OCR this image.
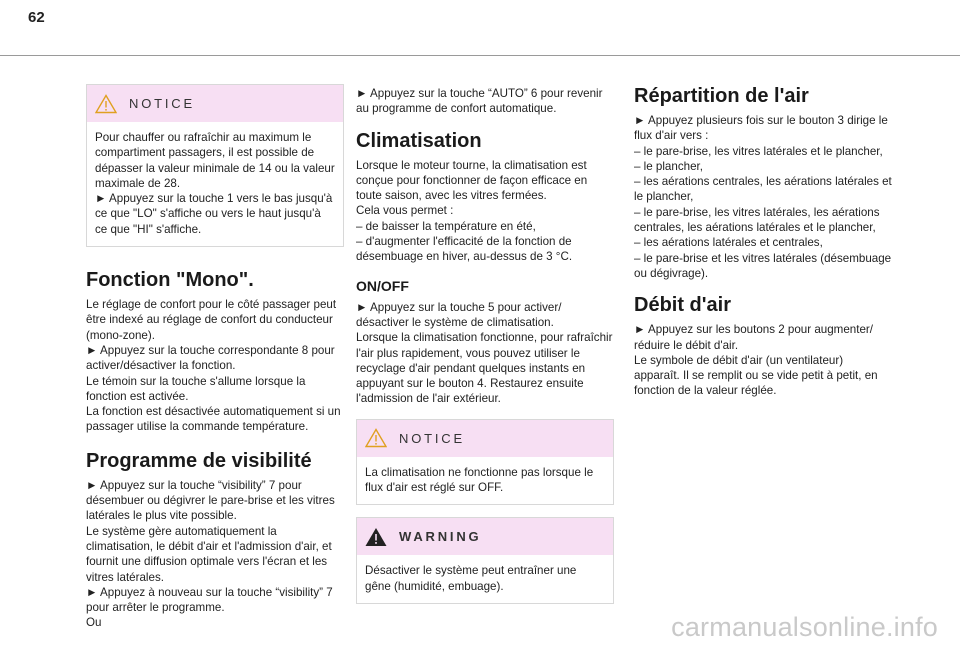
62
NOTICE

Pour chauffer ou rafraîchir au maximum le compartiment passagers, il est possible de dépasser la valeur minimale de 14 ou la valeur maximale de 28.

► Appuyez sur la touche 1 vers le bas jusqu'à ce que "LO" s'affiche ou vers le haut jusqu'à ce que "HI" s'affiche.

Fonction "Mono".

Le réglage de confort pour le côté passager peut être indexé au réglage de confort du conducteur (mono-zone).

► Appuyez sur la touche correspondante 8 pour activer/désactiver la fonction.

Le témoin sur la touche s'allume lorsque la fonction est activée.

La fonction est désactivée automatiquement si un passager utilise la commande température.

Programme de visibilité

► Appuyez sur la touche “visibility” 7 pour désembuer ou dégivrer le pare-brise et les vitres latérales le plus vite possible.

Le système gère automatiquement la climatisation, le débit d'air et l'admission d'air, et fournit une diffusion optimale vers l'écran et les vitres latérales.

► Appuyez à nouveau sur la touche “visibility” 7 pour arrêter le programme.

Ou

► Appuyez sur la touche “AUTO” 6 pour revenir au programme de confort automatique.

Climatisation

Lorsque le moteur tourne, la climatisation est conçue pour fonctionner de façon efficace en toute saison, avec les vitres fermées.

Cela vous permet :

– de baisser la température en été,

– d'augmenter l'efficacité de la fonction de désembuage en hiver, au-dessus de 3 °C.

ON/OFF

► Appuyez sur la touche 5 pour activer/ désactiver le système de climatisation.

Lorsque la climatisation fonctionne, pour rafraîchir l'air plus rapidement, vous pouvez utiliser le recyclage d'air pendant quelques instants en appuyant sur le bouton 4. Restaurez ensuite l'admission de l'air extérieur.

NOTICE

La climatisation ne fonctionne pas lorsque le flux d'air est réglé sur OFF.

WARNING

Désactiver le système peut entraîner une gêne (humidité, embuage).

Répartition de l'air

► Appuyez plusieurs fois sur le bouton 3 dirige le flux d'air vers :

– le pare-brise, les vitres latérales et le plancher,

– le plancher,

– les aérations centrales, les aérations latérales et le plancher,

– le pare-brise, les vitres latérales, les aérations centrales, les aérations latérales et le plancher,

– les aérations latérales et centrales,

– le pare-brise et les vitres latérales (désembuage ou dégivrage).

Débit d'air

► Appuyez sur les boutons 2 pour augmenter/ réduire le débit d'air.

Le symbole de débit d'air (un ventilateur) apparaît. Il se remplit ou se vide petit à petit, en fonction de la valeur réglée.

carmanualsonline.info
